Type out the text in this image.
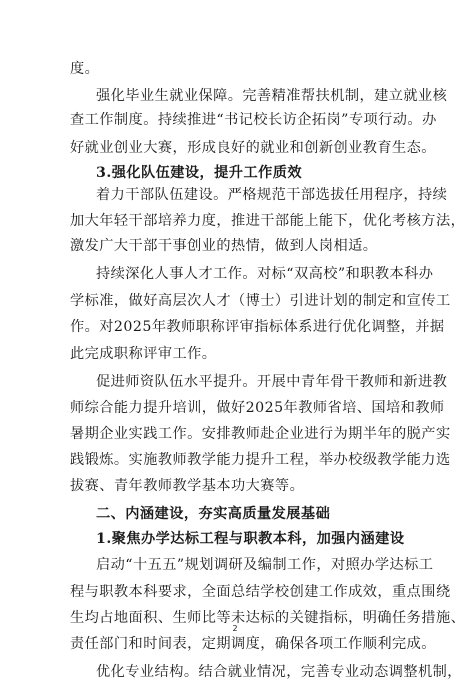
度。
强化毕业生就业保障。完善精准帮扶机制，建立就业核
查工作制度。持续推进“书记校长访企拓岗”专项行动。办
好就业创业大赛，形成良好的就业和创新创业教育生态。
3.强化队伍建设，提升工作质效
着力干部队伍建设。严格规范干部选拔任用程序，持续
加大年轻干部培养力度，推进干部能上能下，优化考核方法，
激发广大干部干事创业的热情，做到人岗相适。
持续深化人事人才工作。对标“双高校”和职教本科办
学标准，做好高层次人才（博士）引进计划的制定和宣传工
作。对2025年教师职称评审指标体系进行优化调整，并据
此完成职称评审工作。
促进师资队伍水平提升。开展中青年骨干教师和新进教
师综合能力提升培训，做好2025年教师省培、国培和教师
暑期企业实践工作。安排教师赴企业进行为期半年的脱产实
践锻炼。实施教师教学能力提升工程，举办校级教学能力选
拔赛、青年教师教学基本功大赛等。
二、内涵建设，夯实高质量发展基础
1.聚焦办学达标工程与职教本科，加强内涵建设
启动“十五五”规划调研及编制工作，对照办学达标工
程与职教本科要求，全面总结学校创建工作成效，重点围绕
生均占地面积、生师比等未达标的关键指标，明确任务措施、
责任部门和时间表，定期调度，确保各项工作顺利完成。
优化专业结构。结合就业情况，完善专业动态调整机制，
2
